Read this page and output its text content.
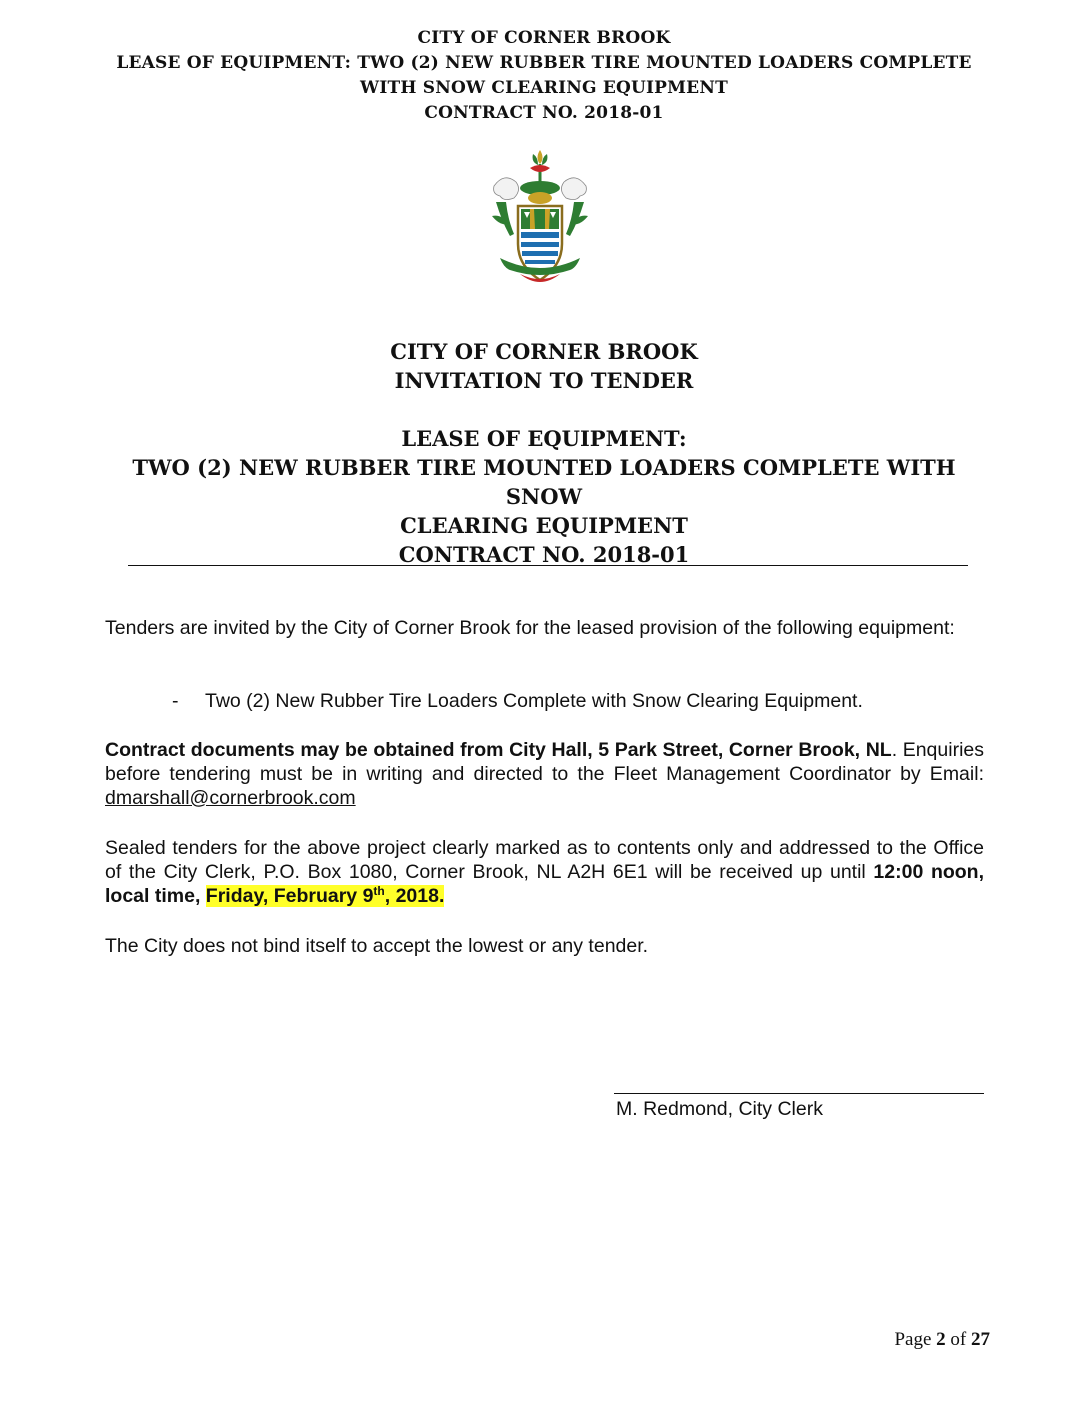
CITY OF CORNER BROOK
LEASE OF EQUIPMENT: TWO (2) NEW RUBBER TIRE MOUNTED LOADERS COMPLETE
WITH SNOW CLEARING EQUIPMENT
CONTRACT NO. 2018-01
CITY OF CORNER BROOK
INVITATION TO TENDER
LEASE OF EQUIPMENT:
TWO (2) NEW RUBBER TIRE MOUNTED LOADERS COMPLETE WITH SNOW
CLEARING EQUIPMENT
CONTRACT NO. 2018-01
Tenders are invited by the City of Corner Brook for the leased provision of the following equipment:
- Two (2) New Rubber Tire Loaders Complete with Snow Clearing Equipment.
Contract documents may be obtained from City Hall, 5 Park Street, Corner Brook, NL. Enquiries before tendering must be in writing and directed to the Fleet Management Coordinator by Email: dmarshall@cornerbrook.com
Sealed tenders for the above project clearly marked as to contents only and addressed to the Office of the City Clerk, P.O. Box 1080, Corner Brook, NL A2H 6E1 will be received up until 12:00 noon, local time, Friday, February 9th, 2018.
The City does not bind itself to accept the lowest or any tender.
M. Redmond, City Clerk
Page 2 of 27
